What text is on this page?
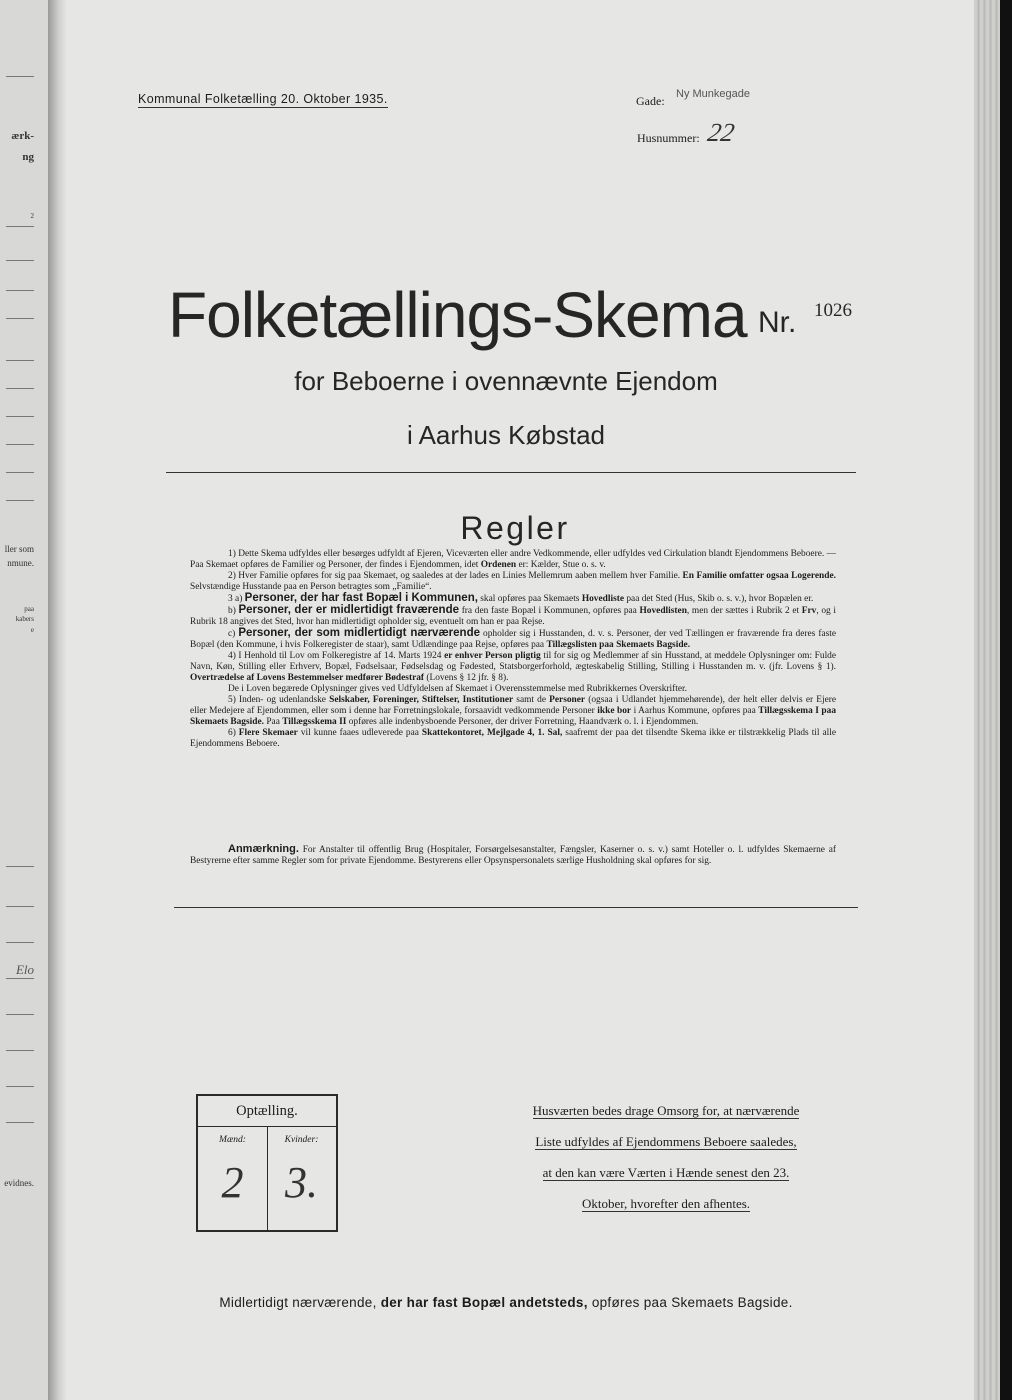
ærk-
ng
2
ller som
nmune.
paa
kabers
e
Elo
evidnes.
Kommunal Folketælling 20. Oktober 1935.	Gade: Ny Munkegade
Husnummer: 22
Folketællings-Skema Nr. 1026
for Beboerne i ovennævnte Ejendom
i Aarhus Købstad
Regler

1) Dette Skema udfyldes eller besørges udfyldt af Ejeren, Viceværten eller andre Vedkommende, eller udfyldes ved Cirkulation blandt Ejendommens Beboere. — Paa Skemaet opføres de Familier og Personer, der findes i Ejendommen, idet Ordenen er: Kælder, Stue o. s. v.

2) Hver Familie opføres for sig paa Skemaet, og saaledes at der lades en Linies Mellemrum aaben mellem hver Familie. En Familie omfatter ogsaa Logerende. Selvstændige Husstande paa en Person betragtes som „Familie“.

3 a) Personer, der har fast Bopæl i Kommunen, skal opføres paa Skemaets Hovedliste paa det Sted (Hus, Skib o. s. v.), hvor Bopælen er.

b) Personer, der er midlertidigt fraværende fra den faste Bopæl i Kommunen, opføres paa Hovedlisten, men der sættes i Rubrik 2 et Frv, og i Rubrik 18 angives det Sted, hvor han midlertidigt opholder sig, eventuelt om han er paa Rejse.

c) Personer, der som midlertidigt nærværende opholder sig i Husstanden, d. v. s. Personer, der ved Tællingen er fraværende fra deres faste Bopæl (den Kommune, i hvis Folkeregister de staar), samt Udlændinge paa Rejse, opføres paa Tillægslisten paa Skemaets Bagside.

4) I Henhold til Lov om Folkeregistre af 14. Marts 1924 er enhver Person pligtig til for sig og Medlemmer af sin Husstand, at meddele Oplysninger om: Fulde Navn, Køn, Stilling eller Erhverv, Bopæl, Fødselsaar, Fødselsdag og Fødested, Statsborgerforhold, ægteskabelig Stilling, Stilling i Husstanden m. v. (jfr. Lovens § 1). Overtrædelse af Lovens Bestemmelser medfører Bødestraf (Lovens § 12 jfr. § 8).

De i Loven begærede Oplysninger gives ved Udfyldelsen af Skemaet i Overensstemmelse med Rubrikkernes Overskrifter.

5) Inden- og udenlandske Selskaber, Foreninger, Stiftelser, Institutioner samt de Personer (ogsaa i Udlandet hjemmehørende), der helt eller delvis er Ejere eller Medejere af Ejendommen, eller som i denne har Forretningslokale, forsaavidt vedkommende Personer ikke bor i Aarhus Kommune, opføres paa Tillægsskema I paa Skemaets Bagside. Paa Tillægsskema II opføres alle indenbysboende Personer, der driver Forretning, Haandværk o. l. i Ejendommen.

6) Flere Skemaer vil kunne faaes udleverede paa Skattekontoret, Mejlgade 4, 1. Sal, saafremt der paa det tilsendte Skema ikke er tilstrækkelig Plads til alle Ejendommens Beboere.

Anmærkning. For Anstalter til offentlig Brug (Hospitaler, Forsørgelsesanstalter, Fængsler, Kaserner o. s. v.) samt Hoteller o. l. udfyldes Skemaerne af Bestyrerne efter samme Regler som for private Ejendomme. Bestyrerens eller Opsynspersonalets særlige Husholdning skal opføres for sig.

Optælling.
Mænd:
2
Kvinder:
3.
Husværten bedes drage Omsorg for, at nærværende
Liste udfyldes af Ejendommens Beboere saaledes,
at den kan være Værten i Hænde senest den 23.
Oktober, hvorefter den afhentes.
Midlertidigt nærværende, der har fast Bopæl andetsteds, opføres paa Skemaets Bagside.
